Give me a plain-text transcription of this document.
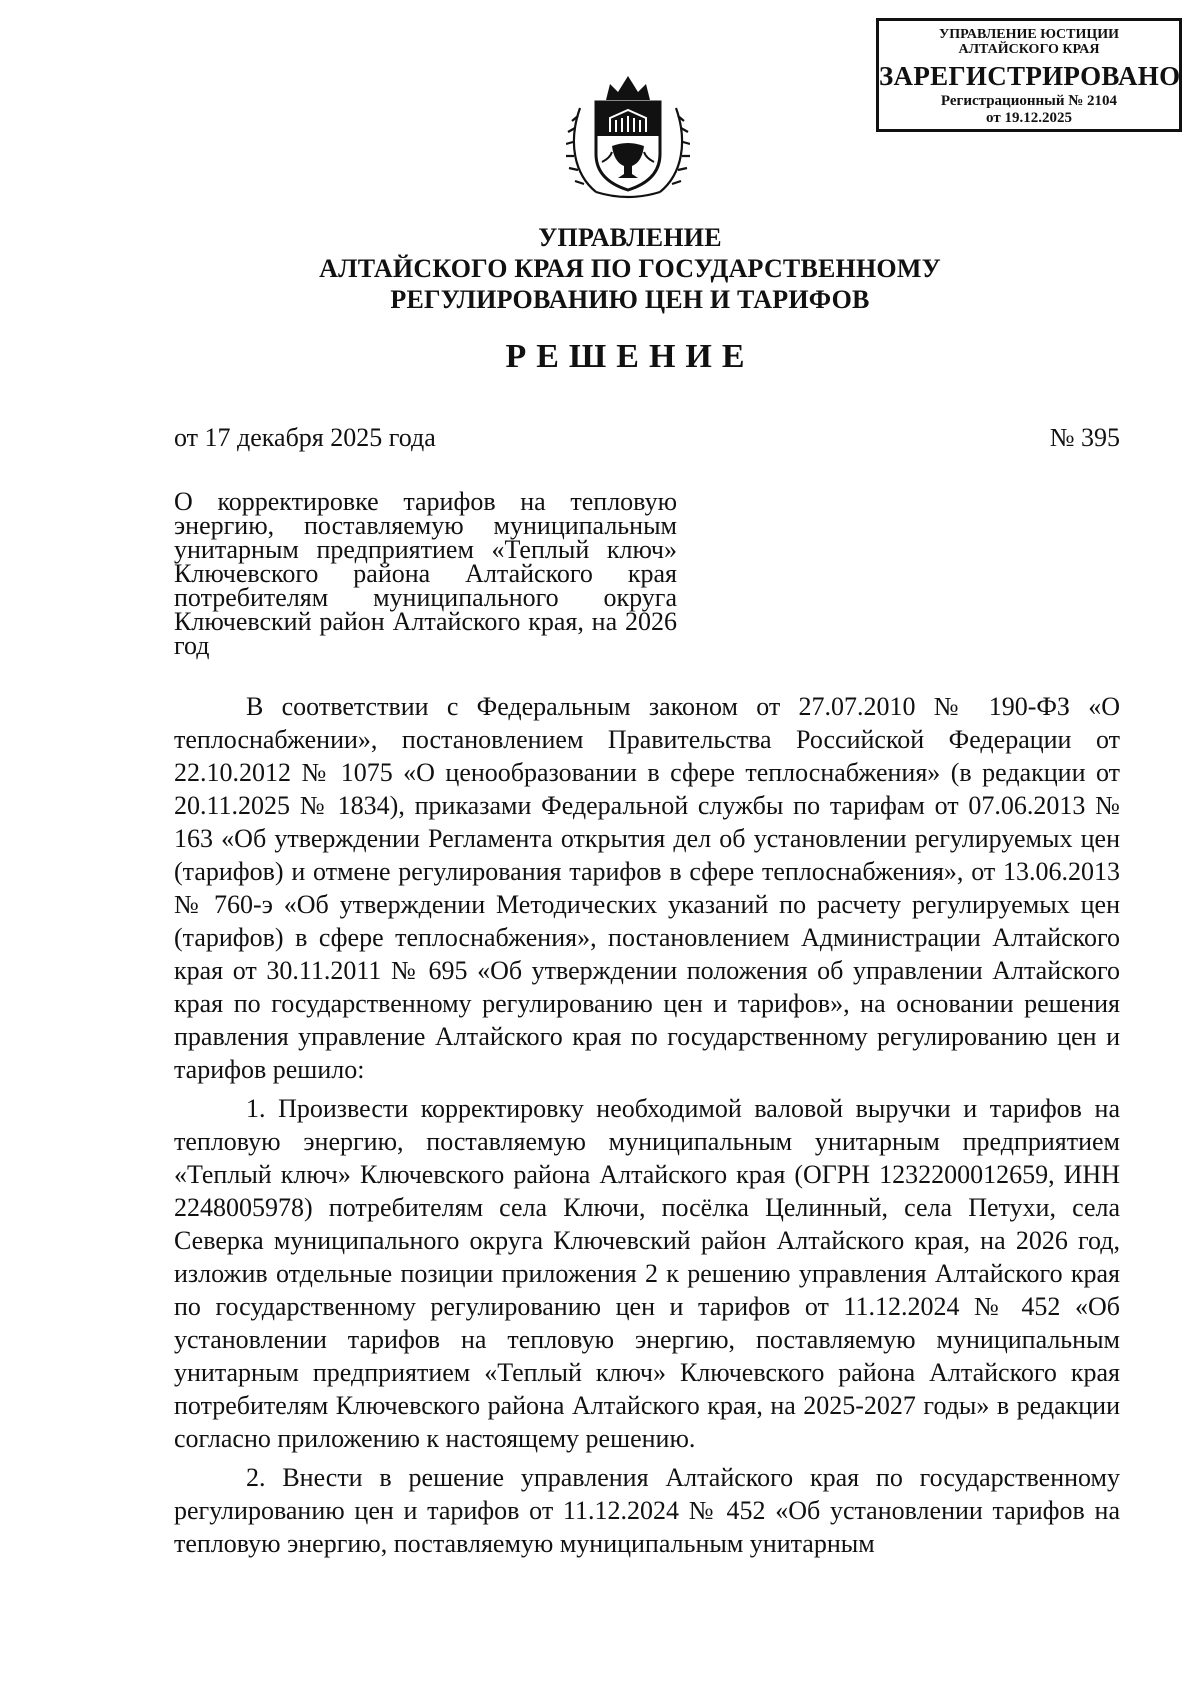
УПРАВЛЕНИЕ ЮСТИЦИИ
АЛТАЙСКОГО КРАЯ
ЗАРЕГИСТРИРОВАНО
Регистрационный № 2104
от 19.12.2025
УПРАВЛЕНИЕ
АЛТАЙСКОГО КРАЯ ПО ГОСУДАРСТВЕННОМУ
РЕГУЛИРОВАНИЮ ЦЕН И ТАРИФОВ
РЕШЕНИЕ
от 17 декабря 2025 года	№ 395
О корректировке тарифов на тепловую энергию, поставляемую муниципальным унитарным предприятием «Теплый ключ» Ключевского района Алтайского края потребителям муниципального округа Ключевский район Алтайского края, на 2026 год

В соответствии с Федеральным законом от 27.07.2010 № 190-ФЗ «О теплоснабжении», постановлением Правительства Российской Федерации от 22.10.2012 № 1075 «О ценообразовании в сфере теплоснабжения» (в редакции от 20.11.2025 № 1834), приказами Федеральной службы по тарифам от 07.06.2013 № 163 «Об утверждении Регламента открытия дел об установлении регулируемых цен (тарифов) и отмене регулирования тарифов в сфере теплоснабжения», от 13.06.2013 № 760-э «Об утверждении Методических указаний по расчету регулируемых цен (тарифов) в сфере теплоснабжения», постановлением Администрации Алтайского края от 30.11.2011 № 695 «Об утверждении положения об управлении Алтайского края по государственному регулированию цен и тарифов», на основании решения правления управление Алтайского края по государственному регулированию цен и тарифов решило:

1. Произвести корректировку необходимой валовой выручки и тарифов на тепловую энергию, поставляемую муниципальным унитарным предприятием «Теплый ключ» Ключевского района Алтайского края (ОГРН 1232200012659, ИНН 2248005978) потребителям села Ключи, посёлка Целинный, села Петухи, села Северка муниципального округа Ключевский район Алтайского края, на 2026 год, изложив отдельные позиции приложения 2 к решению управления Алтайского края по государственному регулированию цен и тарифов от 11.12.2024 № 452 «Об установлении тарифов на тепловую энергию, поставляемую муниципальным унитарным предприятием «Теплый ключ» Ключевского района Алтайского края потребителям Ключевского района Алтайского края, на 2025-2027 годы» в редакции согласно приложению к настоящему решению.

2. Внести в решение управления Алтайского края по государственному регулированию цен и тарифов от 11.12.2024 № 452 «Об установлении тарифов на тепловую энергию, поставляемую муниципальным унитарным
